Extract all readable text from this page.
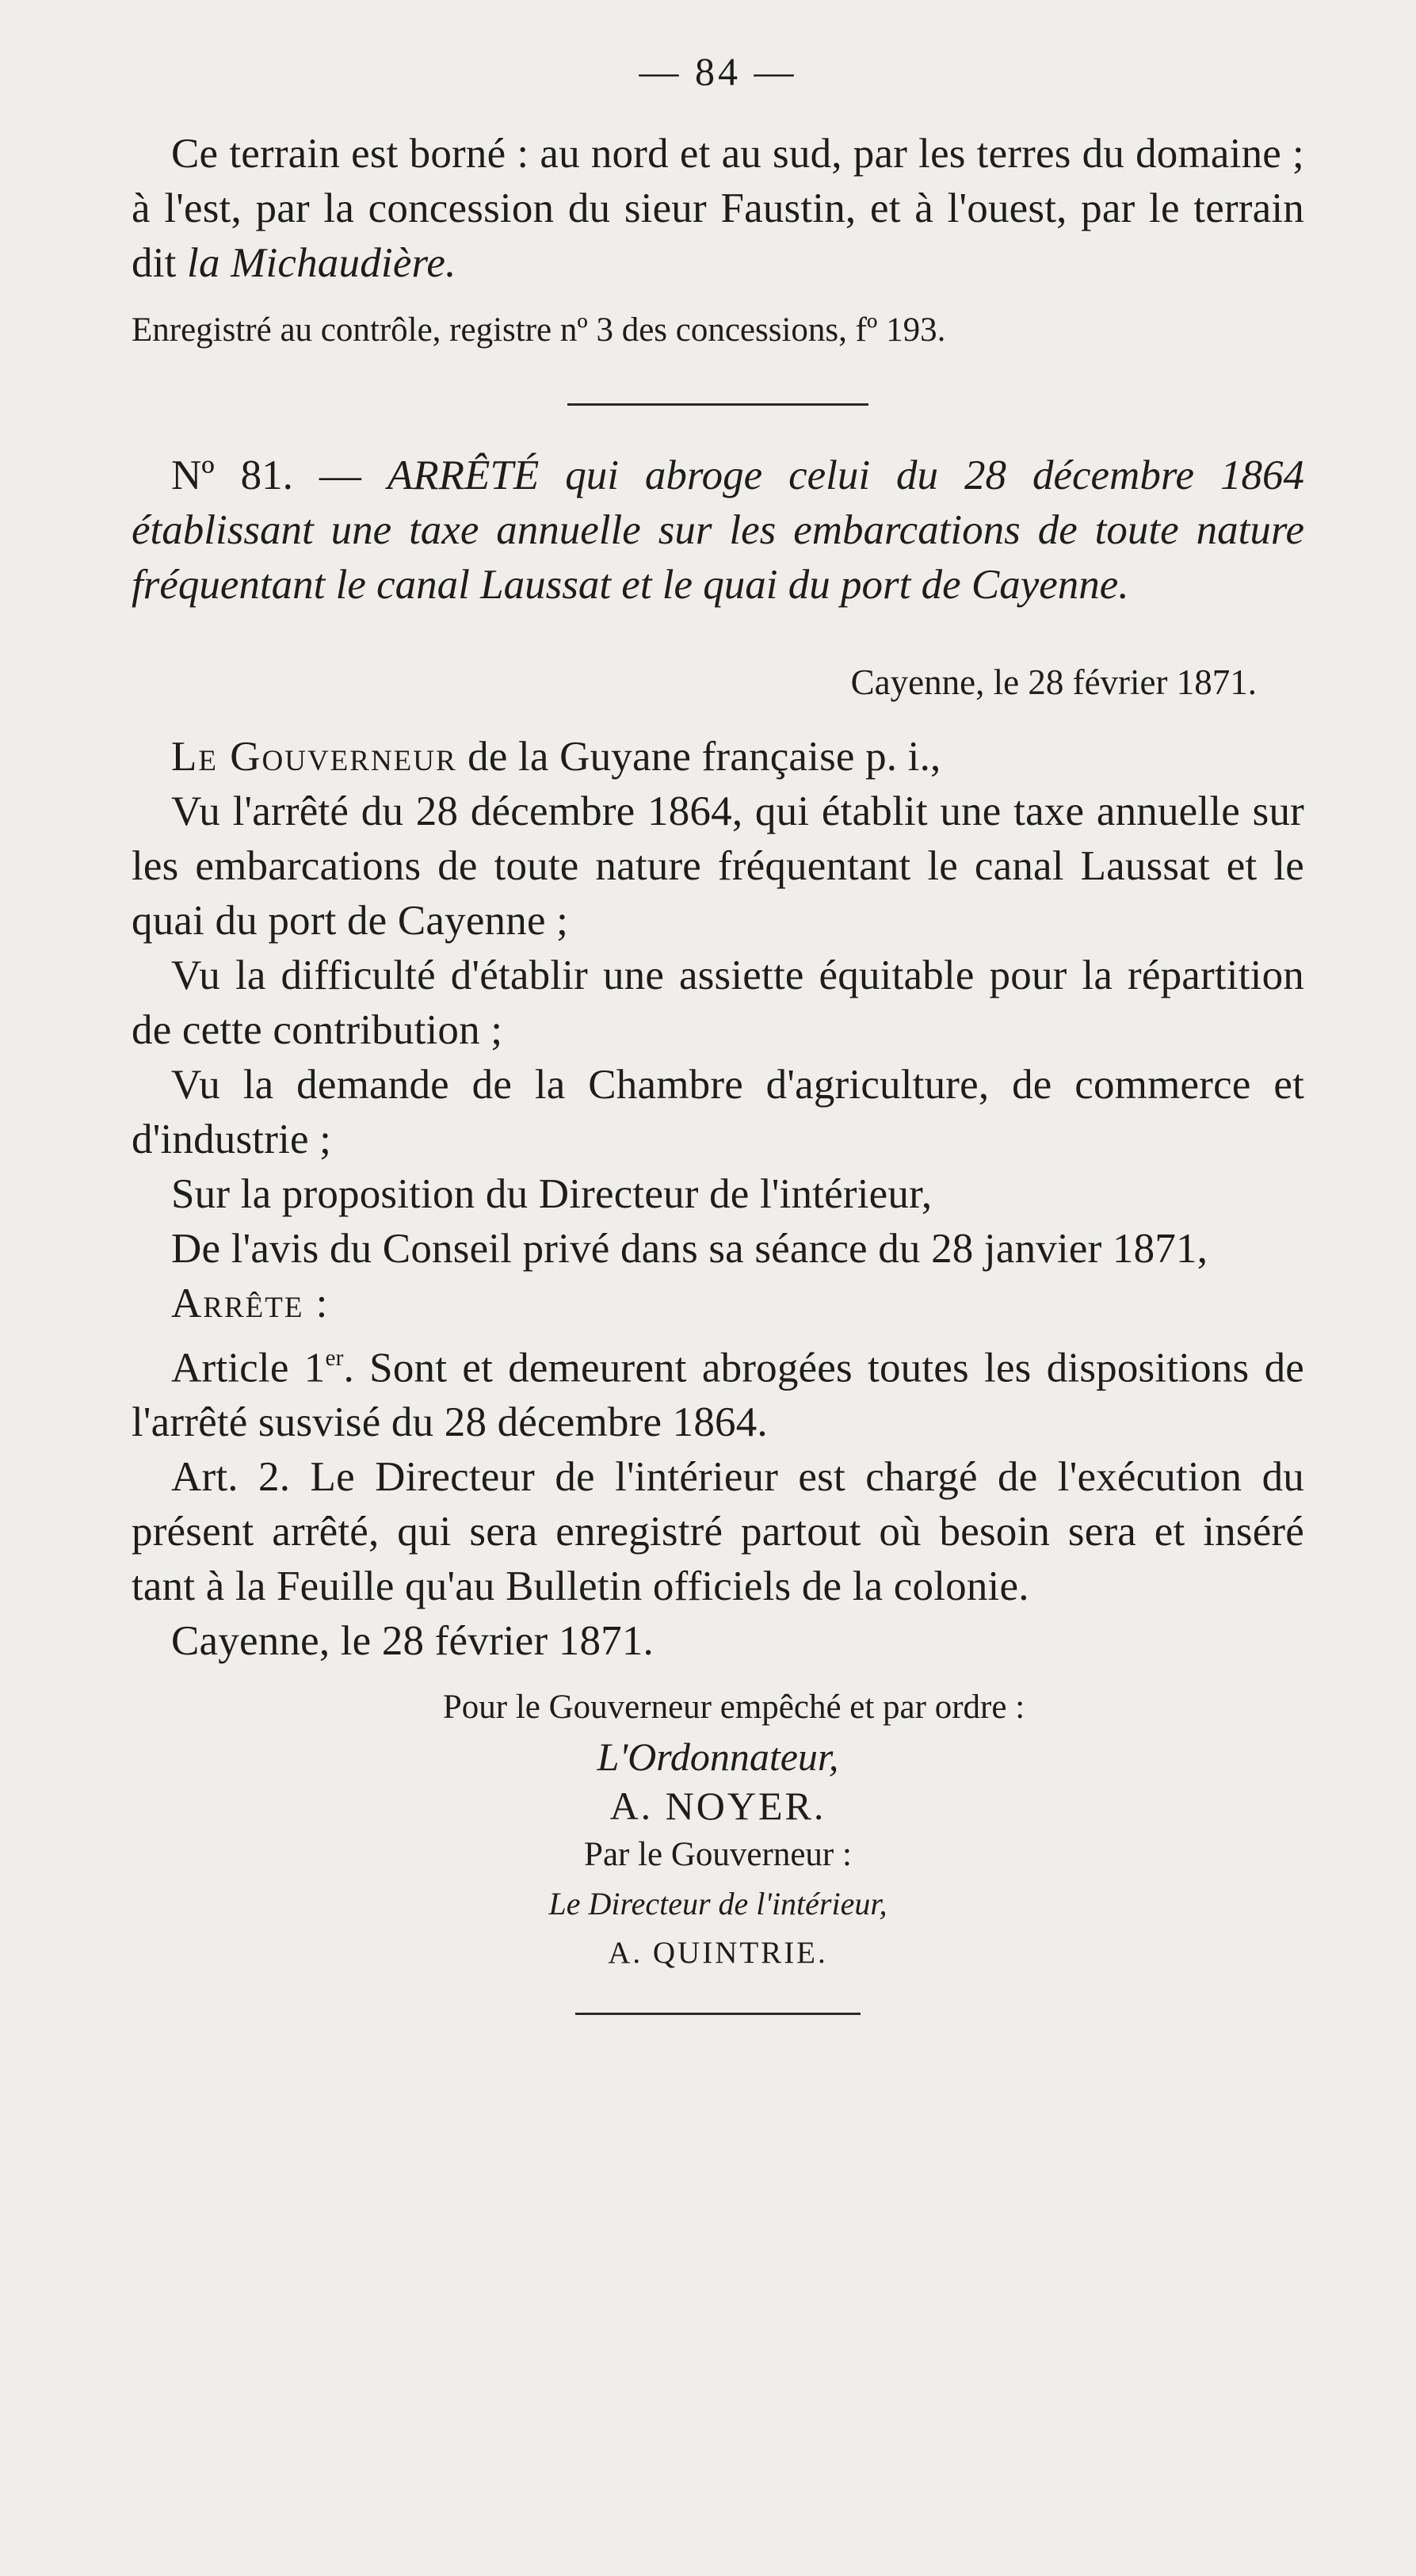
— 84 —

Ce terrain est borné : au nord et au sud, par les terres du domaine ; à l'est, par la concession du sieur Faustin, et à l'ouest, par le terrain dit la Michaudière.

Enregistré au contrôle, registre nº 3 des concessions, fº 193.

Nº 81. — ARRÊTÉ qui abroge celui du 28 décembre 1864 établissant une taxe annuelle sur les embarcations de toute nature fréquentant le canal Laussat et le quai du port de Cayenne.

Cayenne, le 28 février 1871.

Le Gouverneur de la Guyane française p. i.,

Vu l'arrêté du 28 décembre 1864, qui établit une taxe annuelle sur les embarcations de toute nature fréquentant le canal Laussat et le quai du port de Cayenne ;

Vu la difficulté d'établir une assiette équitable pour la répartition de cette contribution ;

Vu la demande de la Chambre d'agriculture, de commerce et d'industrie ;

Sur la proposition du Directeur de l'intérieur,

De l'avis du Conseil privé dans sa séance du 28 janvier 1871,

Arrête :

Article 1er. Sont et demeurent abrogées toutes les dispositions de l'arrêté susvisé du 28 décembre 1864.

Art. 2. Le Directeur de l'intérieur est chargé de l'exécution du présent arrêté, qui sera enregistré partout où besoin sera et inséré tant à la Feuille qu'au Bulletin officiels de la colonie.

Cayenne, le 28 février 1871.

Pour le Gouverneur empêché et par ordre :

L'Ordonnateur,

A. NOYER.

Par le Gouverneur :

Le Directeur de l'intérieur,

A. QUINTRIE.
